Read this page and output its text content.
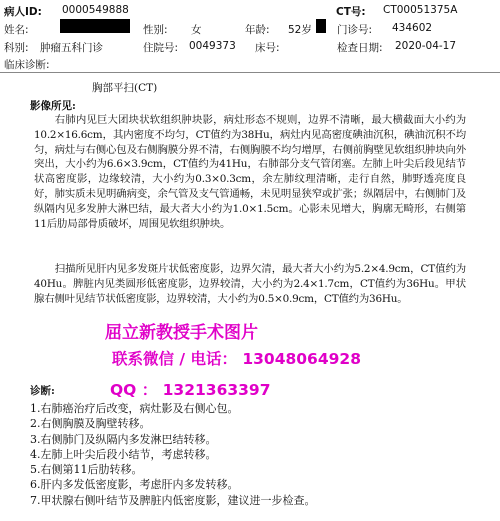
病人ID: 0000549888	CT号: CT00051375A
姓名:	性别: 女	年龄: 52岁 门诊号: 434602
科别: 肿瘤五科门诊	住院号: 0049373 床号:	检查日期: 2020-04-17
临床诊断:
胸部平扫(CT)
影像所见:

右肺内见巨大团块状软组织肿块影，病灶形态不规则，边界不清晰，最大横截面大小约为10.2×16.6cm，其内密度不均匀，CT值约为38Hu，病灶内见高密度碘油沉积，碘油沉积不均匀，病灶与右侧心包及右侧胸膜分界不清，右侧胸膜不均匀增厚，右侧前胸壁见软组织肿块向外突出，大小约为6.6×3.9cm，CT值约为41Hu，右肺部分支气管闭塞。左肺上叶尖后段见结节状高密度影，边缘较清，大小约为0.3×0.3cm，余左肺纹理清晰，走行自然，肺野透亮度良好，肺实质未见明确病变，余气管及支气管通畅，未见明显狭窄或扩张；纵隔居中，右侧肺门及纵隔内见多发肿大淋巴结，最大者大小约为1.0×1.5cm。心影未见增大，胸廓无畸形，右侧第11后肋局部骨质破坏，周围见软组织肿块。

扫描所见肝内见多发斑片状低密度影，边界欠清，最大者大小约为5.2×4.9cm，CT值约为40Hu。脾脏内见类圆形低密度影，边界较清，大小约为2.4×1.7cm，CT值约为36Hu。甲状腺右侧叶见结节状低密度影，边界较清，大小约为0.5×0.9cm，CT值约为36Hu。

屈立新教授手术图片
联系微信 / 电话： 13048064928
QQ ： 1321363397
诊断:
1.右肺癌治疗后改变，病灶影及右侧心包。
2.右侧胸膜及胸壁转移。
3.右侧肺门及纵隔内多发淋巴结转移。
4.左肺上叶尖后段小结节，考虑转移。
5.右侧第11后肋转移。
6.肝内多发低密度影，考虑肝内多发转移。
7.甲状腺右侧叶结节及脾脏内低密度影，建议进一步检查。
